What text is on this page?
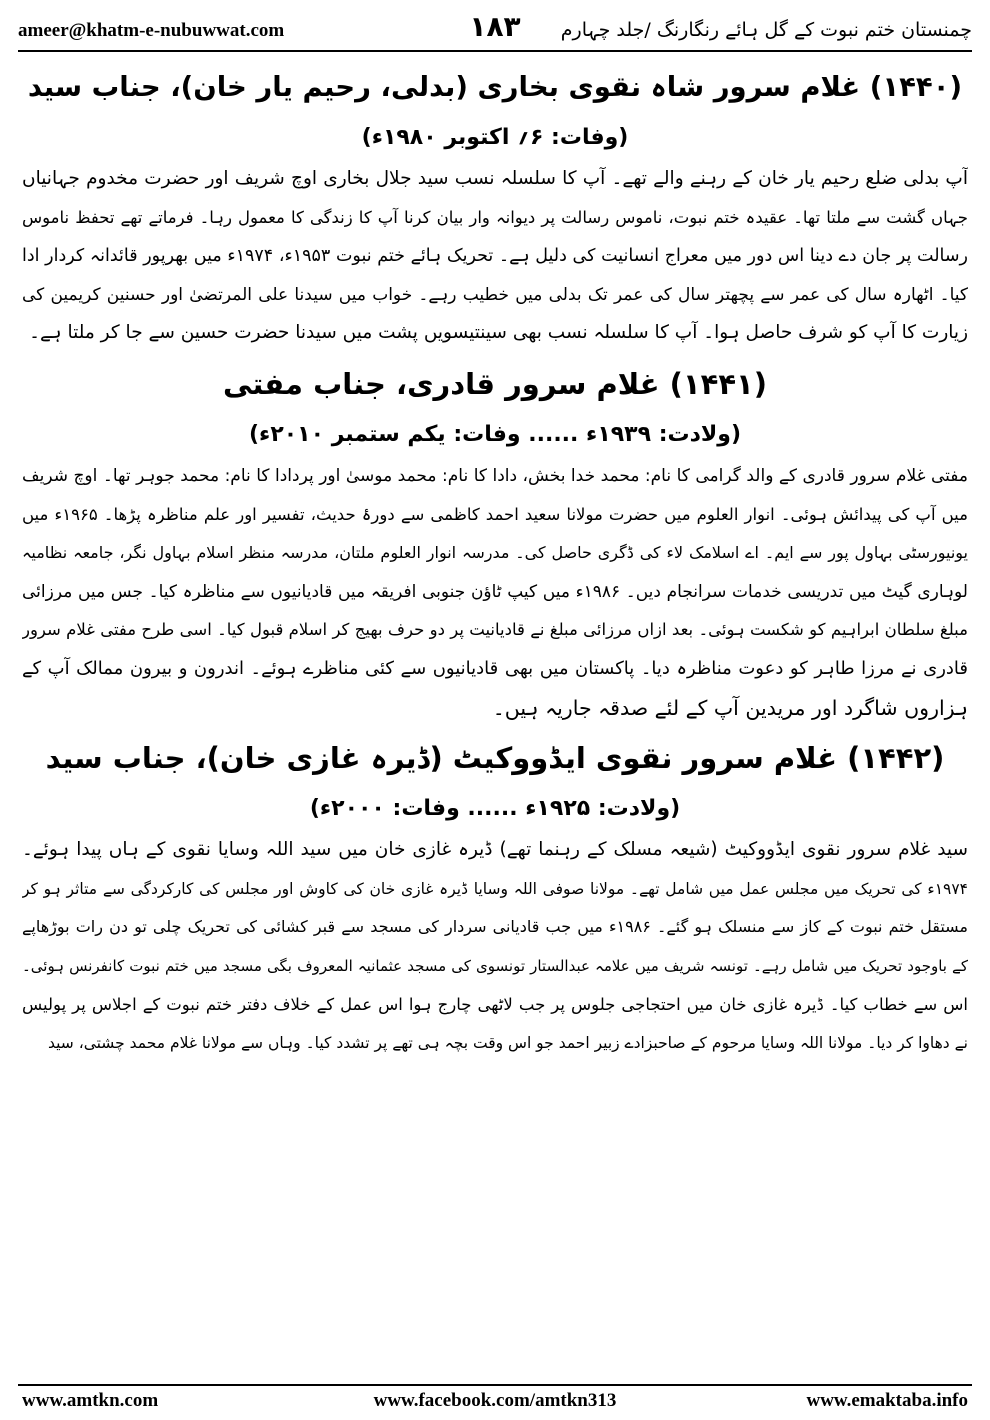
ameer@khatm-e-nubuwwat.com	۱۸۳	چمنستان ختم نبوت کے گل ہائے رنگارنگ /جلد چہارم
(۱۴۴۰) غلام سرور شاہ نقوی بخاری (بدلی، رحیم یار خان)، جناب سید
(وفات: ۶؍ اکتوبر ۱۹۸۰ء)
آپ بدلی ضلع رحیم یار خان کے رہنے والے تھے۔ آپ کا سلسلہ نسب سید جلال بخاری اوچ شریف اور حضرت مخدوم جہانیاں
جہاں گشت سے ملتا تھا۔ عقیدہ ختم نبوت، ناموس رسالت پر دیوانہ وار بیان کرنا آپ کا زندگی کا معمول رہا۔ فرماتے تھے تحفظ ناموس
رسالت پر جان دے دینا اس دور میں معراج انسانیت کی دلیل ہے۔ تحریک ہائے ختم نبوت ۱۹۵۳ء، ۱۹۷۴ء میں بھرپور قائدانہ کردار ادا
کیا۔ اٹھارہ سال کی عمر سے پچھتر سال کی عمر تک بدلی میں خطیب رہے۔ خواب میں سیدنا علی المرتضیٰ اور حسنین کریمین کی
زیارت کا آپ کو شرف حاصل ہوا۔ آپ کا سلسلہ نسب بھی سینتیسویں پشت میں سیدنا حضرت حسین سے جا کر ملتا ہے۔
(۱۴۴۱) غلام سرور قادری، جناب مفتی
(ولادت: ۱۹۳۹ء ...... وفات: یکم ستمبر ۲۰۱۰ء)
مفتی غلام سرور قادری کے والد گرامی کا نام: محمد خدا بخش، دادا کا نام: محمد موسیٰ اور پردادا کا نام: محمد جوہر تھا۔ اوچ شریف
میں آپ کی پیدائش ہوئی۔ انوار العلوم میں حضرت مولانا سعید احمد کاظمی سے دورۂ حدیث، تفسیر اور علم مناظرہ پڑھا۔ ۱۹۶۵ء میں
یونیورسٹی بہاول پور سے ایم۔ اے اسلامک لاء کی ڈگری حاصل کی۔ مدرسہ انوار العلوم ملتان، مدرسہ منظر اسلام بہاول نگر، جامعہ نظامیہ
لوہاری گیٹ میں تدریسی خدمات سرانجام دیں۔ ۱۹۸۶ء میں کیپ ٹاؤن جنوبی افریقہ میں قادیانیوں سے مناظرہ کیا۔ جس میں مرزائی
مبلغ سلطان ابراہیم کو شکست ہوئی۔ بعد ازاں مرزائی مبلغ نے قادیانیت پر دو حرف بھیج کر اسلام قبول کیا۔ اسی طرح مفتی غلام سرور
قادری نے مرزا طاہر کو دعوت مناظرہ دیا۔ پاکستان میں بھی قادیانیوں سے کئی مناظرے ہوئے۔ اندرون و بیرون ممالک آپ کے
ہزاروں شاگرد اور مریدین آپ کے لئے صدقہ جاریہ ہیں۔
(۱۴۴۲) غلام سرور نقوی ایڈووکیٹ (ڈیرہ غازی خان)، جناب سید
(ولادت: ۱۹۲۵ء ...... وفات: ۲۰۰۰ء)
سید غلام سرور نقوی ایڈووکیٹ (شیعہ مسلک کے رہنما تھے) ڈیرہ غازی خان میں سید اللہ وسایا نقوی کے ہاں پیدا ہوئے۔
۱۹۷۴ء کی تحریک میں مجلس عمل میں شامل تھے۔ مولانا صوفی اللہ وسایا ڈیرہ غازی خان کی کاوش اور مجلس کی کارکردگی سے متاثر ہو کر
مستقل ختم نبوت کے کاز سے منسلک ہو گئے۔ ۱۹۸۶ء میں جب قادیانی سردار کی مسجد سے قبر کشائی کی تحریک چلی تو دن رات بوڑھاپے
کے باوجود تحریک میں شامل رہے۔ تونسہ شریف میں علامہ عبدالستار تونسوی کی مسجد عثمانیہ المعروف بگی مسجد میں ختم نبوت کانفرنس ہوئی۔
اس سے خطاب کیا۔ ڈیرہ غازی خان میں احتجاجی جلوس پر جب لاٹھی چارج ہوا اس عمل کے خلاف دفتر ختم نبوت کے اجلاس پر پولیس
نے دھاوا کر دیا۔ مولانا اللہ وسایا مرحوم کے صاحبزادے زبیر احمد جو اس وقت بچہ ہی تھے پر تشدد کیا۔ وہاں سے مولانا غلام محمد چشتی، سید
www.amtkn.com	www.facebook.com/amtkn313	www.emaktaba.info
